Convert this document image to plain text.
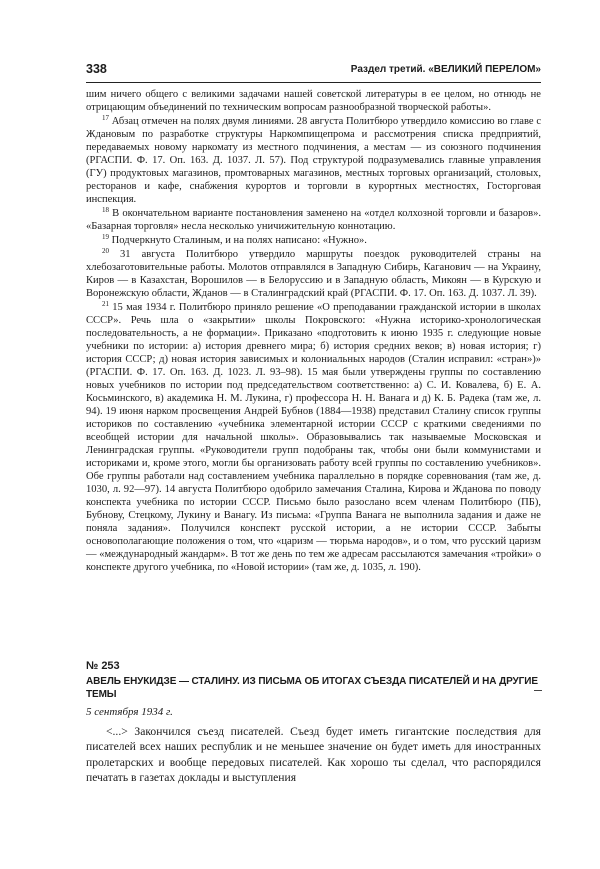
338	Раздел третий. «ВЕЛИКИЙ ПЕРЕЛОМ»

шим ничего общего с великими задачами нашей советской литературы в ее целом, но отнюдь не отрицающим объединений по техническим вопросам разнообразной творческой работы».

$^{17}$ Абзац отмечен на полях двумя линиями. 28 августа Политбюро утвердило комиссию во главе с Ждановым по разработке структуры Наркомпищепрома и рассмотрения списка предприятий, передаваемых новому наркомату из местного подчинения, а местам — из союзного подчинения (РГАСПИ. Ф. 17. Оп. 163. Д. 1037. Л. 57). Под структурой подразумевались главные управления (ГУ) продуктовых магазинов, промтоварных магазинов, местных торговых организаций, столовых, ресторанов и кафе, снабжения курортов и торговли в курортных местностях, Госторговая инспекция.

$^{18}$ В окончательном варианте постановления заменено на «отдел колхозной торговли и базаров». «Базарная торговля» несла несколько уничижительную коннотацию.

$^{19}$ Подчеркнуто Сталиным, и на полях написано: «Нужно».

$^{20}$ 31 августа Политбюро утвердило маршруты поездок руководителей страны на хлебозаготовительные работы. Молотов отправлялся в Западную Сибирь, Каганович — на Украину, Киров — в Казахстан, Ворошилов — в Белоруссию и в Западную область, Микоян — в Курскую и Воронежскую области, Жданов — в Сталинградский край (РГАСПИ. Ф. 17. Оп. 163. Д. 1037. Л. 39).

$^{21}$ 15 мая 1934 г. Политбюро приняло решение «О преподавании гражданской истории в школах СССР». Речь шла о «закрытии» школы Покровского: «Нужна историко-хронологическая последовательность, а не формации». Приказано «подготовить к июню 1935 г. следующие новые учебники по истории: а) история древнего мира; б) история средних веков; в) новая история; г) история СССР; д) новая история зависимых и колониальных народов (Сталин исправил: «стран»)» (РГАСПИ. Ф. 17. Оп. 163. Д. 1023. Л. 93–98). 15 мая были утверждены группы по составлению новых учебников по истории под председательством соответственно: а) С. И. Ковалева, б) Е. А. Косьминского, в) академика Н. М. Лукина, г) профессора Н. Н. Ванага и д) К. Б. Радека (там же, л. 94). 19 июня нарком просвещения Андрей Бубнов (1884—1938) представил Сталину список группы историков по составлению «учебника элементарной истории СССР с краткими сведениями по всеобщей истории для начальной школы». Образовывались так называемые Московская и Ленинградская группы. «Руководители групп подобраны так, чтобы они были коммунистами и историками и, кроме этого, могли бы организовать работу всей группы по составлению учебников». Обе группы работали над составлением учебника параллельно в порядке соревнования (там же, д. 1030, л. 92—97). 14 августа Политбюро одобрило замечания Сталина, Кирова и Жданова по поводу конспекта учебника по истории СССР. Письмо было разослано всем членам Политбюро (ПБ), Бубнову, Стецкому, Лукину и Ванагу. Из письма: «Группа Ванага не выполнила задания и даже не поняла задания». Получился конспект русской истории, а не истории СССР. Забыты основополагающие положения о том, что «царизм — тюрьма народов», и о том, что русский царизм — «международный жандарм». В тот же день по тем же адресам рассылаются замечания «тройки» о конспекте другого учебника, по «Новой истории» (там же, д. 1035, л. 190).

№ 253
АВЕЛЬ ЕНУКИДЗЕ — СТАЛИНУ. ИЗ ПИСЬМА ОБ ИТОГАХ СЪЕЗДА ПИСАТЕЛЕЙ И НА ДРУГИЕ ТЕМЫ
5 сентября 1934 г.

<...> Закончился съезд писателей. Съезд будет иметь гигантские последствия для писателей всех наших республик и не меньшее значение он будет иметь для иностранных пролетарских и вообще передовых писателей. Как хорошо ты сделал, что распорядился печатать в газетах доклады и выступления
